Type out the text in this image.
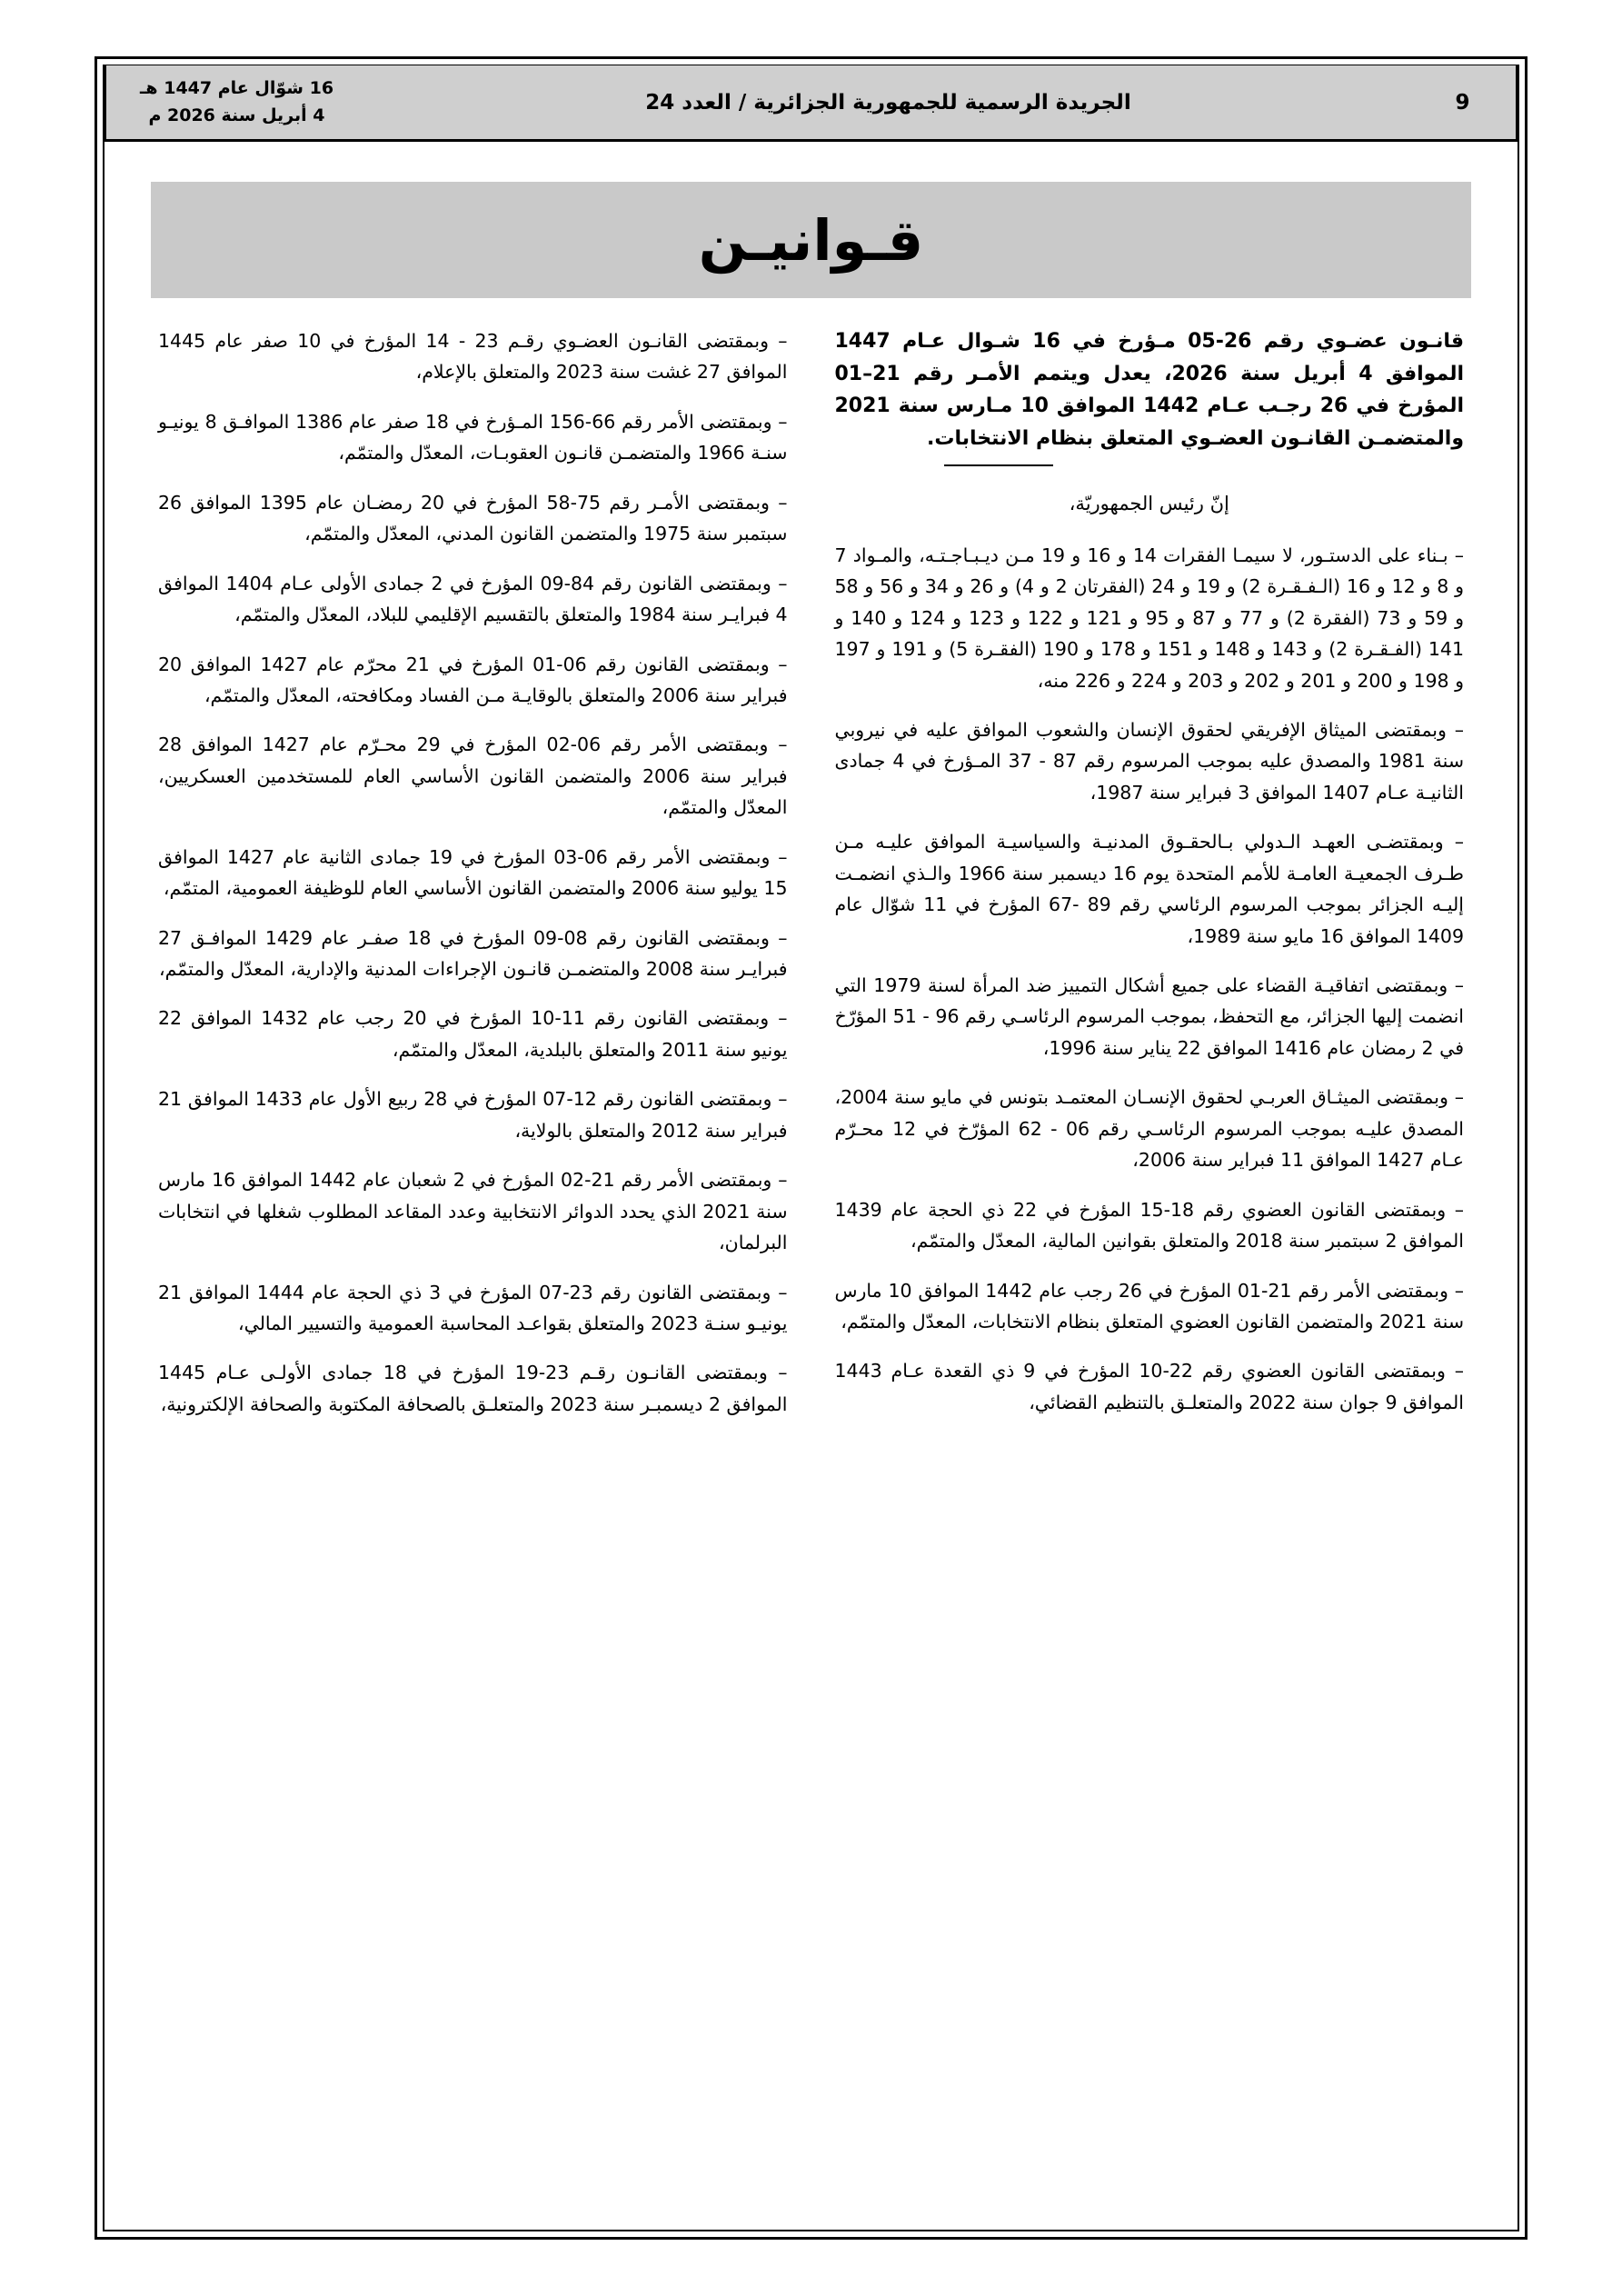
16 شوّال عام 1447 هـ
4 أبريل سنة 2026 م
الجريدة الرسمية للجمهورية الجزائرية / العدد 24	9
قـوانيـن

قانـون عضـوي رقم 26-05 مـؤرخ في 16 شـوال عـام 1447 الموافق 4 أبريل سنة 2026، يعدل ويتمم الأمـر رقم 21–01 المؤرخ في 26 رجـب عـام 1442 الموافق 10 مـارس سنة 2021 والمتضمـن القانـون العضـوي المتعلق بنظام الانتخابات.

إنّ رئيس الجمهوريّة،

– بـناء على الدستـور، لا سيمـا الفقرات 14 و 16 و 19 مـن ديـبـاجـتـه، والمـواد 7 و 8 و 12 و 16 (الـفـقـرة 2) و 19 و 24 (الفقرتان 2 و 4) و 26 و 34 و 56 و 58 و 59 و 73 (الفقرة 2) و 77 و 87 و 95 و 121 و 122 و 123 و 124 و 140 و 141 (الفـقـرة 2) و 143 و 148 و 151 و 178 و 190 (الفقـرة 5) و 191 و 197 و 198 و 200 و 201 و 202 و 203 و 224 و 226 منه،

– وبمقتضى الميثاق الإفريقي لحقوق الإنسان والشعوب الموافق عليه في نيروبي سنة 1981 والمصدق عليه بموجب المرسوم رقم 87 - 37 المـؤرخ في 4 جمادى الثانيـة عـام 1407 الموافق 3 فبراير سنة 1987،

– وبمقتضـى العهـد الـدولي بـالحقـوق المدنيـة والسياسيـة الموافق عليـه مـن طـرف الجمعيـة العامـة للأمم المتحدة يوم 16 ديسمبر سنة 1966 والـذي انضمـت إليـه الجزائر بموجب المرسوم الرئاسي رقم 89 -67 المؤرخ في 11 شوّال عام 1409 الموافق 16 مايو سنة 1989،

– وبمقتضى اتفاقيـة القضاء على جميع أشكال التمييز ضد المرأة لسنة 1979 التي انضمت إليها الجزائر، مع التحفظ، بموجب المرسوم الرئاسـي رقم 96 - 51 المؤرّخ في 2 رمضان عام 1416 الموافق 22 يناير سنة 1996،

– وبمقتضى الميثـاق العربـي لحقوق الإنسـان المعتمـد بتونس في مايو سنة 2004، المصدق عليـه بموجب المرسوم الرئاسـي رقم 06 - 62 المؤرّخ في 12 محـرّم عـام 1427 الموافق 11 فبراير سنة 2006،

– وبمقتضى القانون العضوي رقم 18-15 المؤرخ في 22 ذي الحجة عام 1439 الموافق 2 سبتمبر سنة 2018 والمتعلق بقوانين المالية، المعدّل والمتمّم،

– وبمقتضى الأمر رقم 21-01 المؤرخ في 26 رجب عام 1442 الموافق 10 مارس سنة 2021 والمتضمن القانون العضوي المتعلق بنظام الانتخابات، المعدّل والمتمّم،

– وبمقتضى القانون العضوي رقم 22-10 المؤرخ في 9 ذي القعدة عـام 1443 الموافق 9 جوان سنة 2022 والمتعلـق بالتنظيم القضائي،

– وبمقتضى القانـون العضـوي رقـم 23 - 14 المؤرخ في 10 صفر عام 1445 الموافق 27 غشت سنة 2023 والمتعلق بالإعلام،

– وبمقتضى الأمر رقم 66-156 المـؤرخ في 18 صفر عام 1386 الموافـق 8 يونيـو سنـة 1966 والمتضمـن قانـون العقوبـات، المعدّل والمتمّم،

– وبمقتضى الأمـر رقم 75-58 المؤرخ في 20 رمضـان عام 1395 الموافق 26 سبتمبر سنة 1975 والمتضمن القانون المدني، المعدّل والمتمّم،

– وبمقتضى القانون رقم 84-09 المؤرخ في 2 جمادى الأولى عـام 1404 الموافق 4 فبرايـر سنة 1984 والمتعلق بالتقسيم الإقليمي للبلاد، المعدّل والمتمّم،

– وبمقتضى القانون رقم 06-01 المؤرخ في 21 محرّم عام 1427 الموافق 20 فبراير سنة 2006 والمتعلق بالوقايـة مـن الفساد ومكافحته، المعدّل والمتمّم،

– وبمقتضى الأمر رقم 06-02 المؤرخ في 29 محـرّم عام 1427 الموافق 28 فبراير سنة 2006 والمتضمن القانون الأساسي العام للمستخدمين العسكريين، المعدّل والمتمّم،

– وبمقتضى الأمر رقم 06-03 المؤرخ في 19 جمادى الثانية عام 1427 الموافق 15 يوليو سنة 2006 والمتضمن القانون الأساسي العام للوظيفة العمومية، المتمّم،

– وبمقتضى القانون رقم 08-09 المؤرخ في 18 صفـر عام 1429 الموافـق 27 فبرايـر سنة 2008 والمتضمـن قانـون الإجراءات المدنية والإدارية، المعدّل والمتمّم،

– وبمقتضى القانون رقم 11-10 المؤرخ في 20 رجب عام 1432 الموافق 22 يونيو سنة 2011 والمتعلق بالبلدية، المعدّل والمتمّم،

– وبمقتضى القانون رقم 12-07 المؤرخ في 28 ربيع الأول عام 1433 الموافق 21 فبراير سنة 2012 والمتعلق بالولاية،

– وبمقتضى الأمر رقم 21-02 المؤرخ في 2 شعبان عام 1442 الموافق 16 مارس سنة 2021 الذي يحدد الدوائر الانتخابية وعدد المقاعد المطلوب شغلها في انتخابات البرلمان،

– وبمقتضى القانون رقم 23-07 المؤرخ في 3 ذي الحجة عام 1444 الموافق 21 يونيـو سنـة 2023 والمتعلق بقواعـد المحاسبة العمومية والتسيير المالي،

– وبمقتضى القانـون رقـم 23-19 المؤرخ في 18 جمادى الأولـى عـام 1445 الموافق 2 ديسمبـر سنة 2023 والمتعلـق بالصحافة المكتوبة والصحافة الإلكترونية،
